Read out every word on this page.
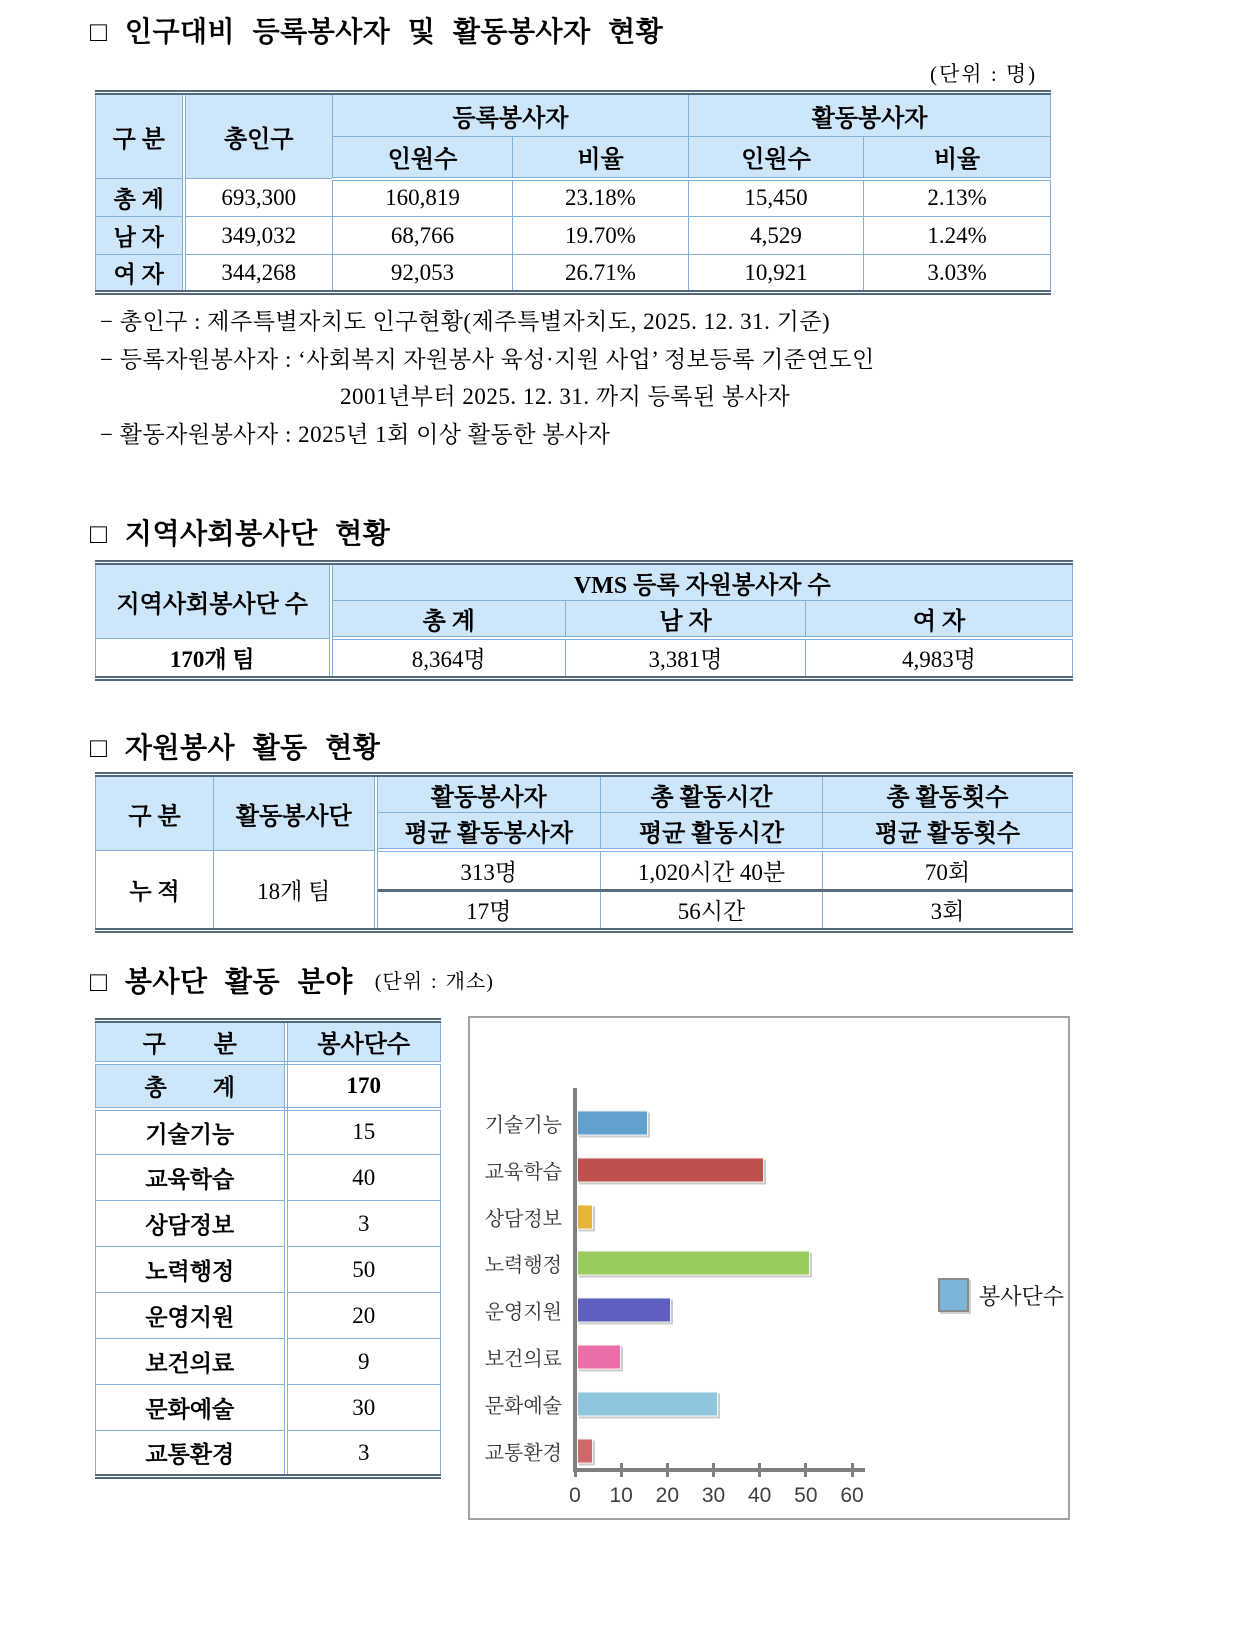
□ 인구대비 등록봉사자 및 활동봉사자 현황
(단위 : 명)
구 분	총인구	등록봉사자		활동봉사자	
		인원수	비율	인원수	비율
총 계	693,300	160,819	23.18%	15,450	2.13%
남 자	349,032	68,766	19.70%	4,529	1.24%
여 자	344,268	92,053	26.71%	10,921	3.03%
− 총인구 : 제주특별자치도 인구현황(제주특별자치도, 2025. 12. 31. 기준)
− 등록자원봉사자 : ‘사회복지 자원봉사 육성·지원 사업’ 정보등록 기준연도인
2001년부터 2025. 12. 31. 까지 등록된 봉사자
− 활동자원봉사자 : 2025년 1회 이상 활동한 봉사자
□ 지역사회봉사단 현황
지역사회봉사단 수	VMS 등록 자원봉사자 수		
	총 계	남 자	여 자
170개 팀	8,364명	3,381명	4,983명
□ 자원봉사 활동 현황
구 분	활동봉사단	활동봉사자	총 활동시간	총 활동횟수
		평균 활동봉사자	평균 활동시간	평균 활동횟수
누 적	18개 팀	313명	1,020시간 40분	70회
		17명	56시간	3회
□ 봉사단 활동 분야 (단위 : 개소)
구　　분	봉사단수
총　　계	170
기술기능	15
교육학습	40
상담정보	3
노력행정	50
운영지원	20
보건의료	9
문화예술	30
교통환경	3
기술기능
교육학습
상담정보
노력행정
운영지원
보건의료
문화예술
교통환경
0	10	20	30	40	50	60
봉사단수
